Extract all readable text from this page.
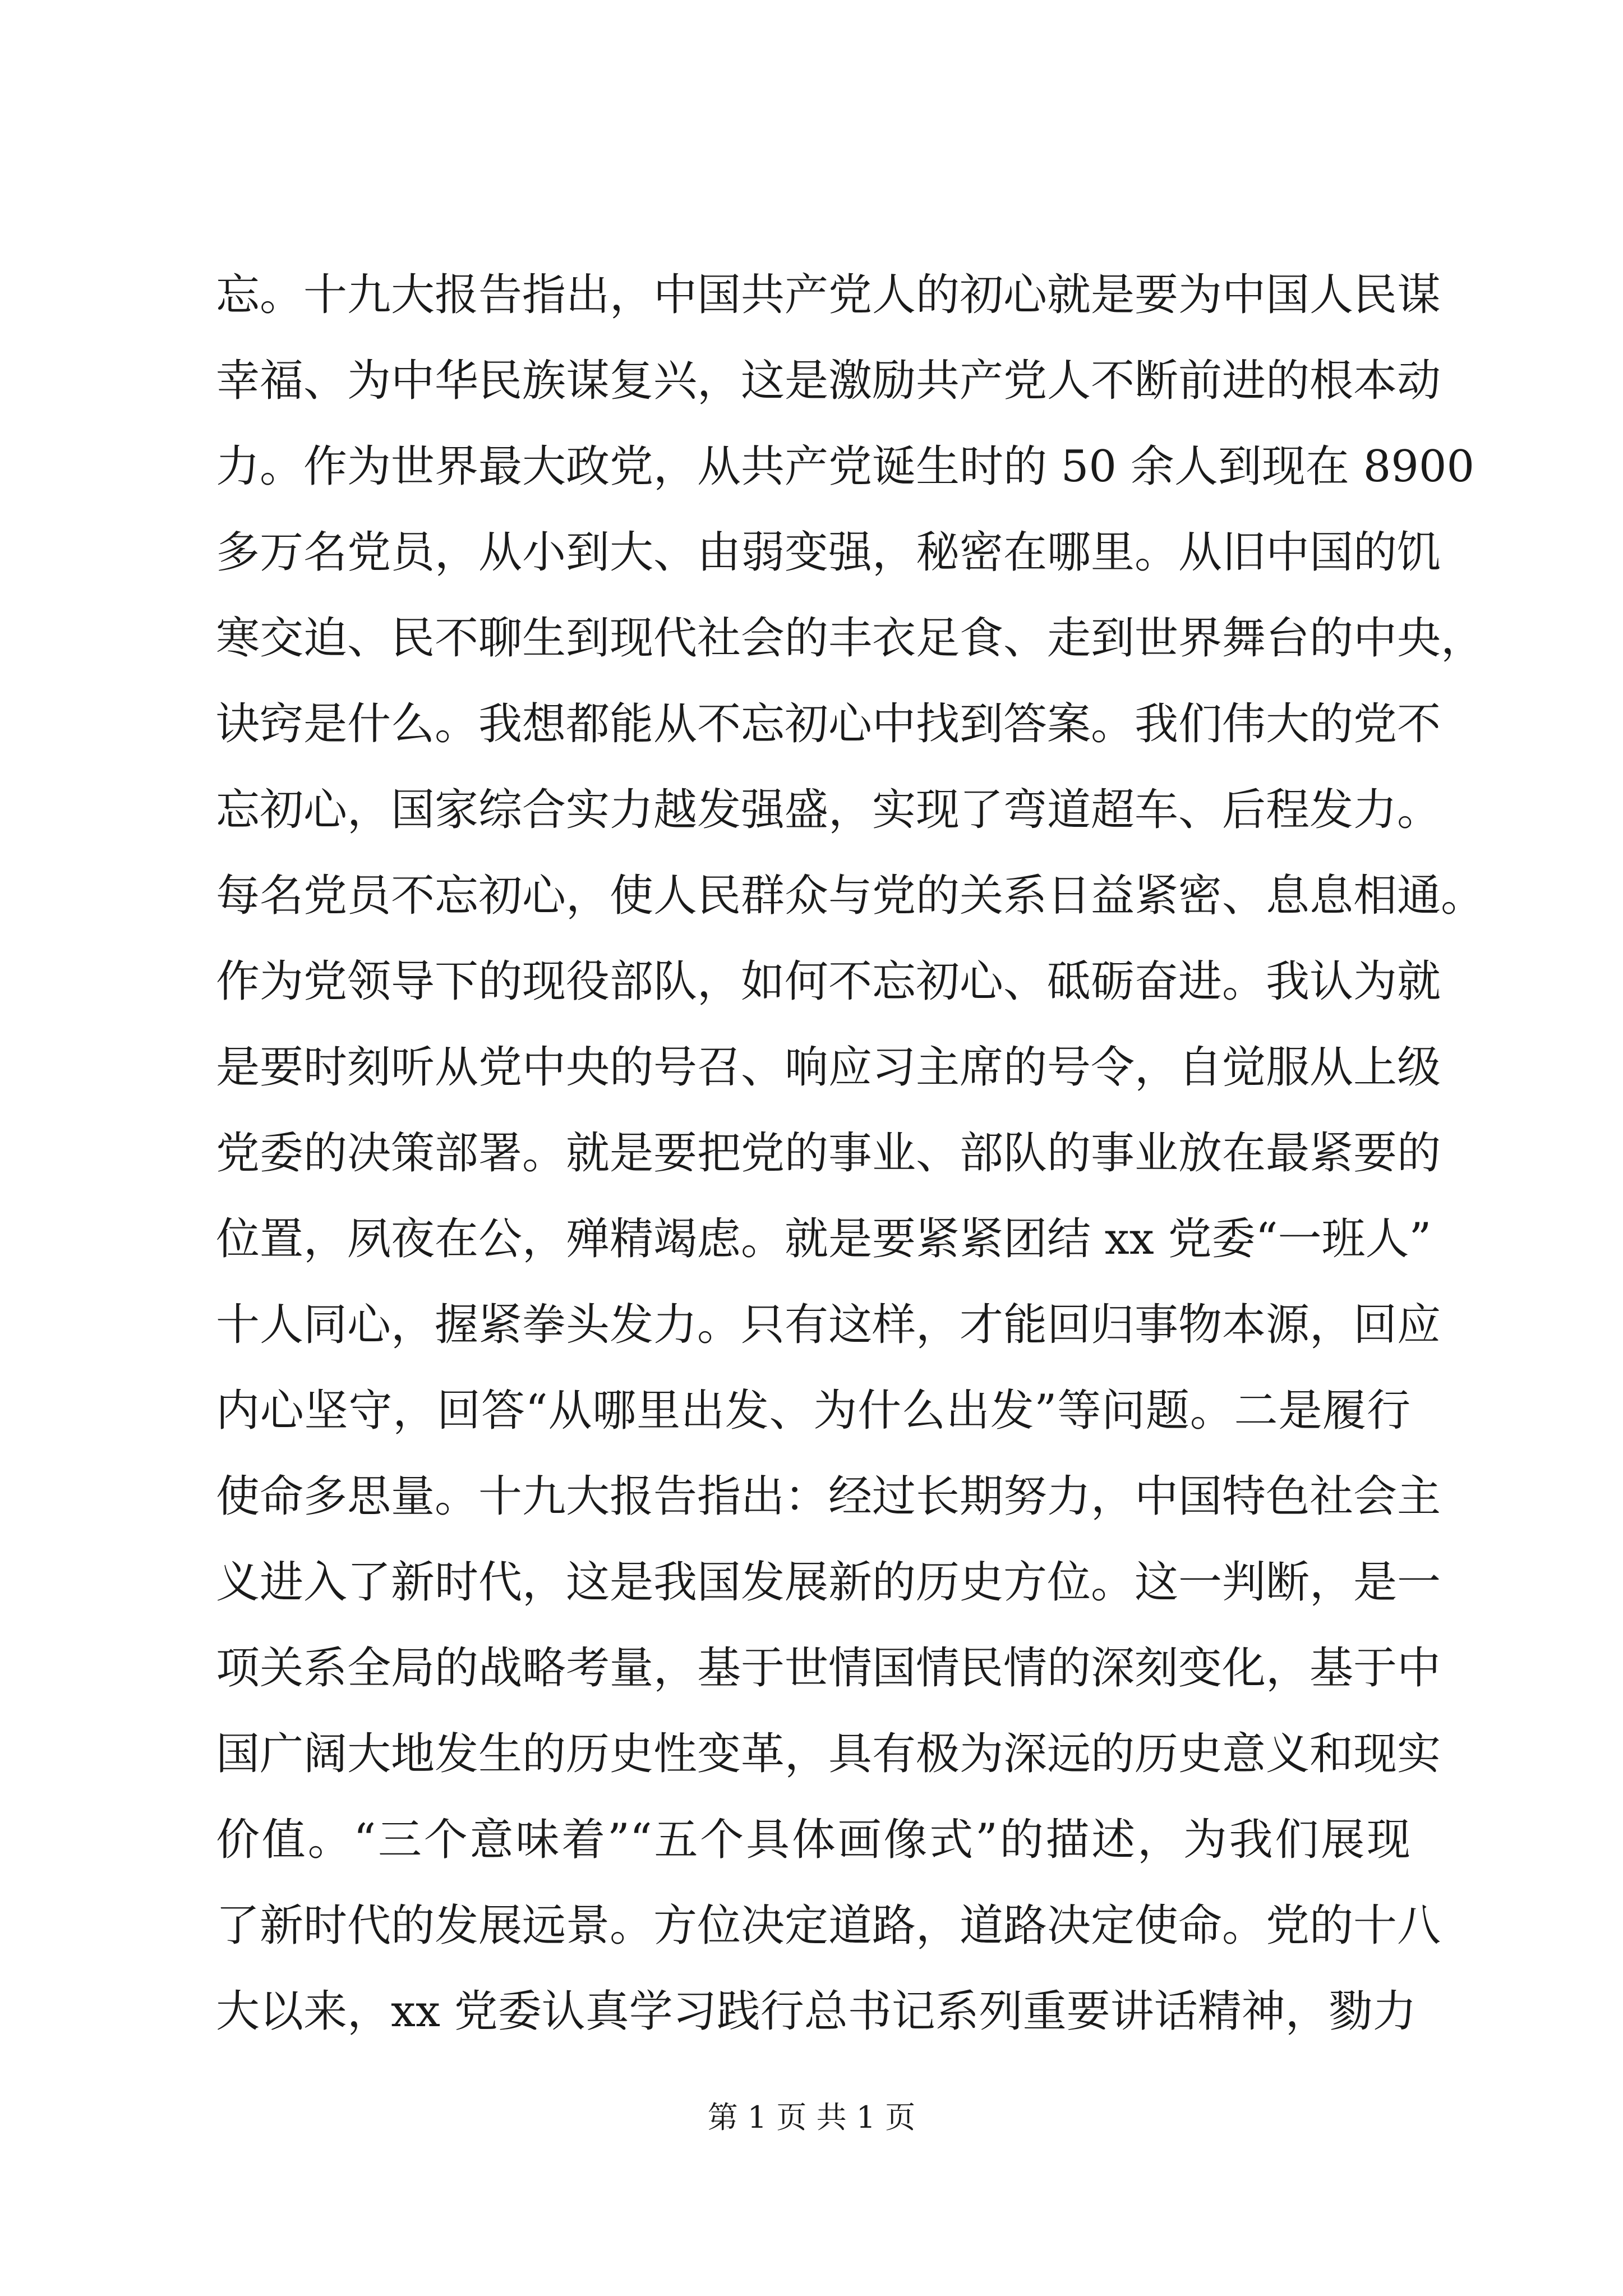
忘。十九大报告指出，中国共产党人的初心就是要为中国人民谋
幸福、为中华民族谋复兴，这是激励共产党人不断前进的根本动
力。作为世界最大政党，从共产党诞生时的 50 余人到现在 8900
多万名党员，从小到大、由弱变强，秘密在哪里。从旧中国的饥
寒交迫、民不聊生到现代社会的丰衣足食、走到世界舞台的中央，
诀窍是什么。我想都能从不忘初心中找到答案。我们伟大的党不
忘初心，国家综合实力越发强盛，实现了弯道超车、后程发力。
每名党员不忘初心，使人民群众与党的关系日益紧密、息息相通。
作为党领导下的现役部队，如何不忘初心、砥砺奋进。我认为就
是要时刻听从党中央的号召、响应习主席的号令，自觉服从上级
党委的决策部署。就是要把党的事业、部队的事业放在最紧要的
位置，夙夜在公，殚精竭虑。就是要紧紧团结 xx 党委“一班人”
十人同心，握紧拳头发力。只有这样，才能回归事物本源，回应
内心坚守，回答“从哪里出发、为什么出发”等问题。二是履行
使命多思量。十九大报告指出：经过长期努力，中国特色社会主
义进入了新时代，这是我国发展新的历史方位。这一判断，是一
项关系全局的战略考量，基于世情国情民情的深刻变化，基于中
国广阔大地发生的历史性变革，具有极为深远的历史意义和现实
价值。“三个意味着”“五个具体画像式”的描述，为我们展现
了新时代的发展远景。方位决定道路，道路决定使命。党的十八
大以来，xx 党委认真学习践行总书记系列重要讲话精神，勠力
第 1 页 共 1 页
